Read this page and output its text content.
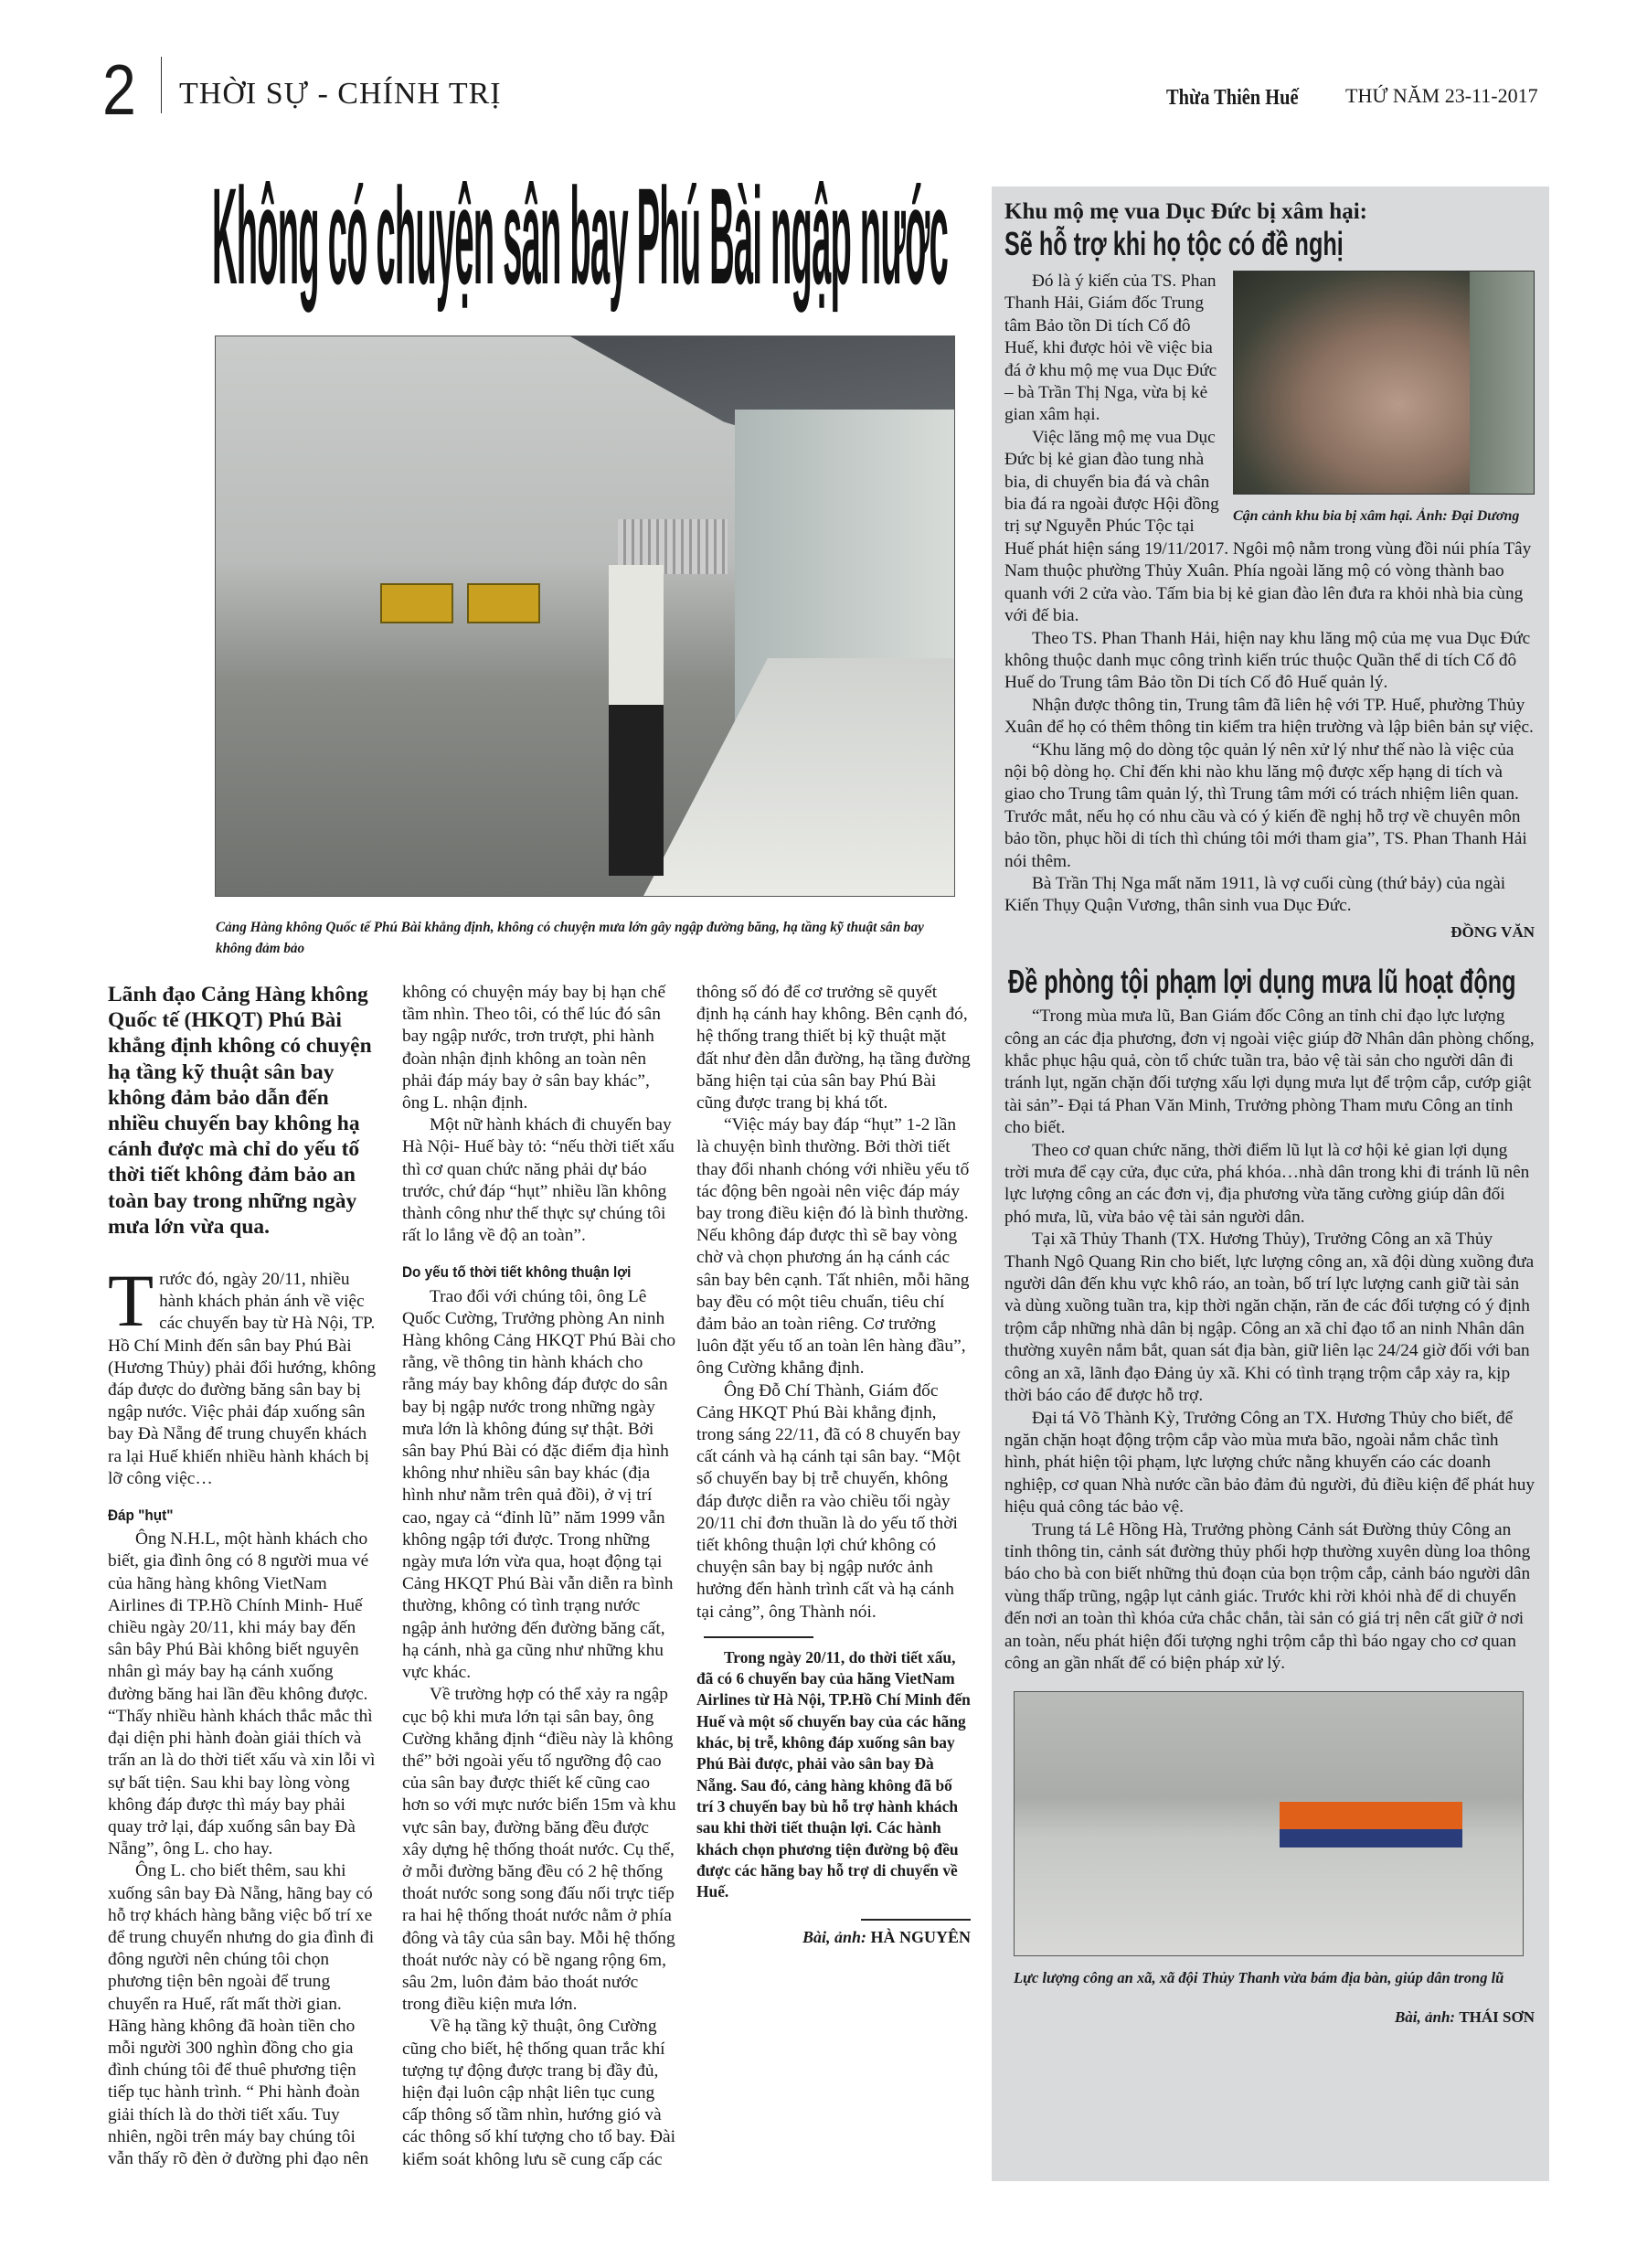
2 THỜI SỰ - CHÍNH TRỊ	Thừa Thiên Huế THỨ NĂM 23-11-2017
Không có chuyện sân bay Phú Bài ngập nước
Cảng Hàng không Quốc tế Phú Bài khẳng định, không có chuyện mưa lớn gây ngập đường băng, hạ tầng kỹ thuật sân bay không đảm bảo

Lãnh đạo Cảng Hàng không Quốc tế (HKQT) Phú Bài khẳng định không có chuyện hạ tầng kỹ thuật sân bay không đảm bảo dẫn đến nhiều chuyến bay không hạ cánh được mà chỉ do yếu tố thời tiết không đảm bảo an toàn bay trong những ngày mưa lớn vừa qua.

Trước đó, ngày 20/11, nhiều hành khách phản ánh về việc các chuyến bay từ Hà Nội, TP. Hồ Chí Minh đến sân bay Phú Bài (Hương Thủy) phải đổi hướng, không đáp được do đường băng sân bay bị ngập nước. Việc phải đáp xuống sân bay Đà Nẵng để trung chuyển khách ra lại Huế khiến nhiều hành khách bị lỡ công việc…

Đáp "hụt"

Ông N.H.L, một hành khách cho biết, gia đình ông có 8 người mua vé của hãng hàng không VietNam Airlines đi TP.Hồ Chính Minh- Huế chiều ngày 20/11, khi máy bay đến sân bây Phú Bài không biết nguyên nhân gì máy bay hạ cánh xuống đường băng hai lần đều không được. “Thấy nhiều hành khách thắc mắc thì đại diện phi hành đoàn giải thích và trấn an là do thời tiết xấu và xin lỗi vì sự bất tiện. Sau khi bay lòng vòng không đáp được thì máy bay phải quay trở lại, đáp xuống sân bay Đà Nẵng”, ông L. cho hay.

Ông L. cho biết thêm, sau khi xuống sân bay Đà Nẵng, hãng bay có hỗ trợ khách hàng bằng việc bố trí xe để trung chuyển nhưng do gia đình đi đông người nên chúng tôi chọn phương tiện bên ngoài để trung chuyển ra Huế, rất mất thời gian. Hãng hàng không đã hoàn tiền cho mỗi người 300 nghìn đồng cho gia đình chúng tôi để thuê phương tiện tiếp tục hành trình. “ Phi hành đoàn giải thích là do thời tiết xấu. Tuy nhiên, ngồi trên máy bay chúng tôi vẫn thấy rõ đèn ở đường phi đạo nên không có chuyện máy bay bị hạn chế tầm nhìn. Theo tôi, có thể lúc đó sân bay ngập nước, trơn trượt, phi hành đoàn nhận định không an toàn nên phải đáp máy bay ở sân bay khác”, ông L. nhận định.

Một nữ hành khách đi chuyến bay Hà Nội- Huế bày tỏ: “nếu thời tiết xấu thì cơ quan chức năng phải dự báo trước, chứ đáp “hụt” nhiều lần không thành công như thế thực sự chúng tôi rất lo lắng về độ an toàn”.

Do yếu tố thời tiết không thuận lợi

Trao đổi với chúng tôi, ông Lê Quốc Cường, Trưởng phòng An ninh Hàng không Cảng HKQT Phú Bài cho rằng, về thông tin hành khách cho rằng máy bay không đáp được do sân bay bị ngập nước trong những ngày mưa lớn là không đúng sự thật. Bởi sân bay Phú Bài có đặc điểm địa hình không như nhiều sân bay khác (địa hình như nằm trên quả đồi), ở vị trí cao, ngay cả “đỉnh lũ” năm 1999 vẫn không ngập tới được. Trong những ngày mưa lớn vừa qua, hoạt động tại Cảng HKQT Phú Bài vẫn diễn ra bình thường, không có tình trạng nước ngập ảnh hưởng đến đường băng cất, hạ cánh, nhà ga cũng như những khu vực khác.

Về trường hợp có thể xảy ra ngập cục bộ khi mưa lớn tại sân bay, ông Cường khẳng định “điều này là không thể” bởi ngoài yếu tố ngưỡng độ cao của sân bay được thiết kế cũng cao hơn so với mực nước biển 15m và khu vực sân bay, đường băng đều được xây dựng hệ thống thoát nước. Cụ thể, ở mỗi đường băng đều có 2 hệ thống thoát nước song song đấu nối trực tiếp ra hai hệ thống thoát nước nằm ở phía đông và tây của sân bay. Mỗi hệ thống thoát nước này có bề ngang rộng 6m, sâu 2m, luôn đảm bảo thoát nước trong điều kiện mưa lớn.

Về hạ tầng kỹ thuật, ông Cường cũng cho biết, hệ thống quan trắc khí tượng tự động được trang bị đầy đủ, hiện đại luôn cập nhật liên tục cung cấp thông số tầm nhìn, hướng gió và các thông số khí tượng cho tổ bay. Đài kiểm soát không lưu sẽ cung cấp các thông số đó để cơ trưởng sẽ quyết định hạ cánh hay không. Bên cạnh đó, hệ thống trang thiết bị kỹ thuật mặt đất như đèn dẫn đường, hạ tầng đường băng hiện tại của sân bay Phú Bài cũng được trang bị khá tốt.

“Việc máy bay đáp “hụt” 1-2 lần là chuyện bình thường. Bởi thời tiết thay đổi nhanh chóng với nhiều yếu tố tác động bên ngoài nên việc đáp máy bay trong điều kiện đó là bình thường. Nếu không đáp được thì sẽ bay vòng chờ và chọn phương án hạ cánh các sân bay bên cạnh. Tất nhiên, mỗi hãng bay đều có một tiêu chuẩn, tiêu chí đảm bảo an toàn riêng. Cơ trưởng luôn đặt yếu tố an toàn lên hàng đầu”, ông Cường khẳng định.

Ông Đỗ Chí Thành, Giám đốc Cảng HKQT Phú Bài khẳng định, trong sáng 22/11, đã có 8 chuyến bay cất cánh và hạ cánh tại sân bay. “Một số chuyến bay bị trễ chuyến, không đáp được diễn ra vào chiều tối ngày 20/11 chỉ đơn thuần là do yếu tố thời tiết không thuận lợi chứ không có chuyện sân bay bị ngập nước ảnh hưởng đến hành trình cất và hạ cánh tại cảng”, ông Thành nói.

Trong ngày 20/11, do thời tiết xấu, đã có 6 chuyến bay của hãng VietNam Airlines từ Hà Nội, TP.Hồ Chí Minh đến Huế và một số chuyến bay của các hãng khác, bị trễ, không đáp xuống sân bay Phú Bài được, phải vào sân bay Đà Nẵng. Sau đó, cảng hàng không đã bố trí 3 chuyến bay bù hỗ trợ hành khách sau khi thời tiết thuận lợi. Các hành khách chọn phương tiện đường bộ đều được các hãng bay hỗ trợ di chuyển về Huế.

Bài, ảnh: HÀ NGUYÊN
Khu mộ mẹ vua Dục Đức bị xâm hại:
Sẽ hỗ trợ khi họ tộc có đề nghị
Cận cảnh khu bia bị xâm hại. Ảnh: Đại Dương

Đó là ý kiến của TS. Phan Thanh Hải, Giám đốc Trung tâm Bảo tồn Di tích Cố đô Huế, khi được hỏi về việc bia đá ở khu mộ mẹ vua Dục Đức – bà Trần Thị Nga, vừa bị kẻ gian xâm hại.

Việc lăng mộ mẹ vua Dục Đức bị kẻ gian đào tung nhà bia, di chuyển bia đá và chân bia đá ra ngoài được Hội đồng trị sự Nguyễn Phúc Tộc tại Huế phát hiện sáng 19/11/2017. Ngôi mộ nằm trong vùng đồi núi phía Tây Nam thuộc phường Thủy Xuân. Phía ngoài lăng mộ có vòng thành bao quanh với 2 cửa vào. Tấm bia bị kẻ gian đào lên đưa ra khỏi nhà bia cùng với đế bia.

Theo TS. Phan Thanh Hải, hiện nay khu lăng mộ của mẹ vua Dục Đức không thuộc danh mục công trình kiến trúc thuộc Quần thể di tích Cố đô Huế do Trung tâm Bảo tồn Di tích Cố đô Huế quản lý.

Nhận được thông tin, Trung tâm đã liên hệ với TP. Huế, phường Thủy Xuân để họ có thêm thông tin kiểm tra hiện trường và lập biên bản sự việc.

“Khu lăng mộ do dòng tộc quản lý nên xử lý như thế nào là việc của nội bộ dòng họ. Chỉ đến khi nào khu lăng mộ được xếp hạng di tích và giao cho Trung tâm quản lý, thì Trung tâm mới có trách nhiệm liên quan. Trước mắt, nếu họ có nhu cầu và có ý kiến đề nghị hỗ trợ về chuyên môn bảo tồn, phục hồi di tích thì chúng tôi mới tham gia”, TS. Phan Thanh Hải nói thêm.

Bà Trần Thị Nga mất năm 1911, là vợ cuối cùng (thứ bảy) của ngài Kiến Thụy Quận Vương, thân sinh vua Dục Đức.

ĐỒNG VĂN
Đề phòng tội phạm lợi dụng mưa lũ hoạt động

“Trong mùa mưa lũ, Ban Giám đốc Công an tỉnh chỉ đạo lực lượng công an các địa phương, đơn vị ngoài việc giúp đỡ Nhân dân phòng chống, khắc phục hậu quả, còn tổ chức tuần tra, bảo vệ tài sản cho người dân đi tránh lụt, ngăn chặn đối tượng xấu lợi dụng mưa lụt để trộm cắp, cướp giật tài sản”- Đại tá Phan Văn Minh, Trưởng phòng Tham mưu Công an tỉnh cho biết.

Theo cơ quan chức năng, thời điểm lũ lụt là cơ hội kẻ gian lợi dụng trời mưa để cạy cửa, đục cửa, phá khóa…nhà dân trong khi đi tránh lũ nên lực lượng công an các đơn vị, địa phương vừa tăng cường giúp dân đối phó mưa, lũ, vừa bảo vệ tài sản người dân.

Tại xã Thủy Thanh (TX. Hương Thủy), Trưởng Công an xã Thủy Thanh Ngô Quang Rin cho biết, lực lượng công an, xã đội dùng xuồng đưa người dân đến khu vực khô ráo, an toàn, bố trí lực lượng canh giữ tài sản và dùng xuồng tuần tra, kịp thời ngăn chặn, răn đe các đối tượng có ý định trộm cắp những nhà dân bị ngập. Công an xã chỉ đạo tổ an ninh Nhân dân thường xuyên nắm bắt, quan sát địa bàn, giữ liên lạc 24/24 giờ đối với ban công an xã, lãnh đạo Đảng ủy xã. Khi có tình trạng trộm cắp xảy ra, kịp thời báo cáo để được hỗ trợ.

Đại tá Võ Thành Kỳ, Trưởng Công an TX. Hương Thủy cho biết, để ngăn chặn hoạt động trộm cắp vào mùa mưa bão, ngoài nắm chắc tình hình, phát hiện tội phạm, lực lượng chức nằng khuyến cáo các doanh nghiệp, cơ quan Nhà nước cần bảo đảm đủ người, đủ điều kiện để phát huy hiệu quả công tác bảo vệ.

Trung tá Lê Hồng Hà, Trưởng phòng Cảnh sát Đường thủy Công an tỉnh thông tin, cảnh sát đường thủy phối hợp thường xuyên dùng loa thông báo cho bà con biết những thủ đoạn của bọn trộm cắp, cảnh báo người dân vùng thấp trũng, ngập lụt cảnh giác. Trước khi rời khỏi nhà để di chuyển đến nơi an toàn thì khóa cửa chắc chắn, tài sản có giá trị nên cất giữ ở nơi an toàn, nếu phát hiện đối tượng nghi trộm cắp thì báo ngay cho cơ quan công an gần nhất để có biện pháp xử lý.

Lực lượng công an xã, xã đội Thủy Thanh vừa bám địa bàn, giúp dân trong lũ
Bài, ảnh: THÁI SƠN
